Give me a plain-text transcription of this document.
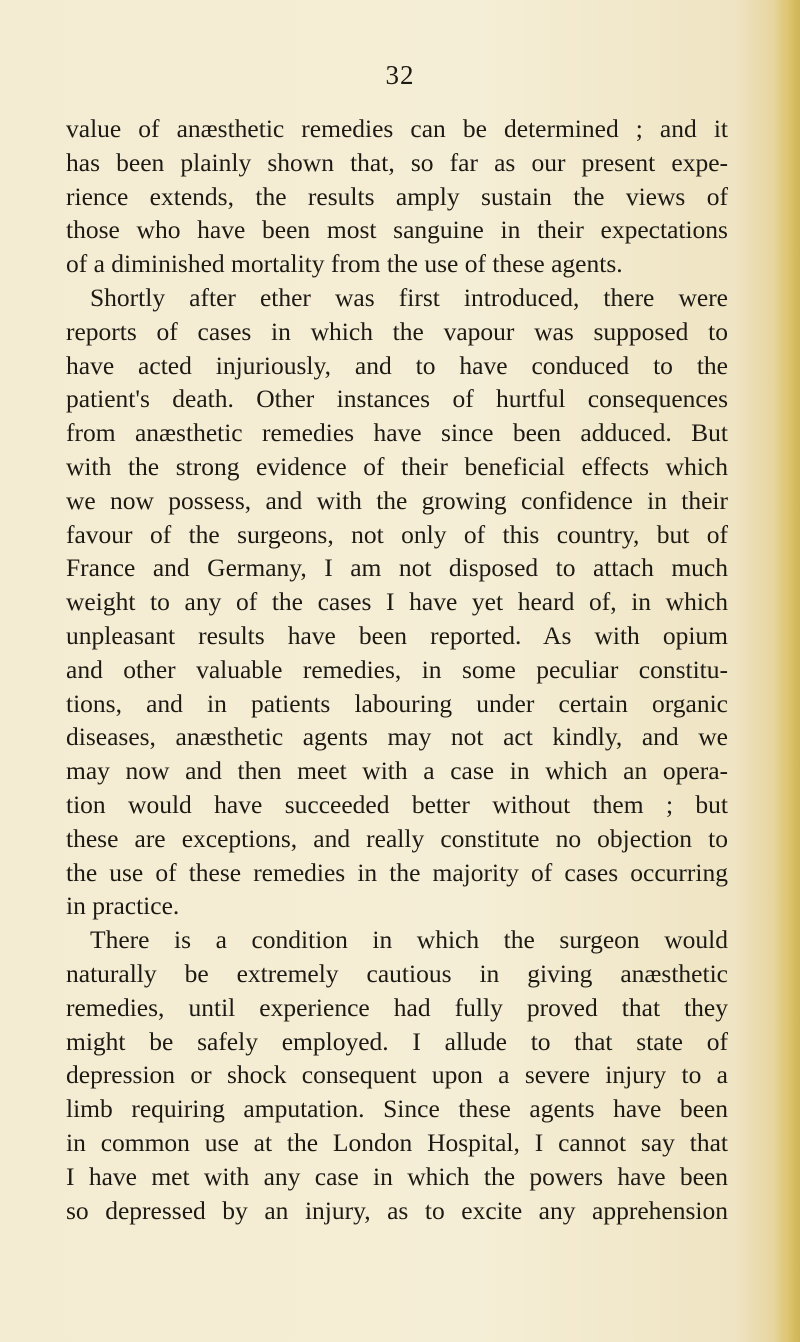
32
value of anæsthetic remedies can be determined ; and it
has been plainly shown that, so far as our present expe-
rience extends, the results amply sustain the views of
those who have been most sanguine in their expectations
of a diminished mortality from the use of these agents.
Shortly after ether was first introduced, there were
reports of cases in which the vapour was supposed to
have acted injuriously, and to have conduced to the
patient's death. Other instances of hurtful consequences
from anæsthetic remedies have since been adduced. But
with the strong evidence of their beneficial effects which
we now possess, and with the growing confidence in their
favour of the surgeons, not only of this country, but of
France and Germany, I am not disposed to attach much
weight to any of the cases I have yet heard of, in which
unpleasant results have been reported. As with opium
and other valuable remedies, in some peculiar constitu-
tions, and in patients labouring under certain organic
diseases, anæsthetic agents may not act kindly, and we
may now and then meet with a case in which an opera-
tion would have succeeded better without them ; but
these are exceptions, and really constitute no objection to
the use of these remedies in the majority of cases occurring
in practice.
There is a condition in which the surgeon would
naturally be extremely cautious in giving anæsthetic
remedies, until experience had fully proved that they
might be safely employed. I allude to that state of
depression or shock consequent upon a severe injury to a
limb requiring amputation. Since these agents have been
in common use at the London Hospital, I cannot say that
I have met with any case in which the powers have been
so depressed by an injury, as to excite any apprehension
